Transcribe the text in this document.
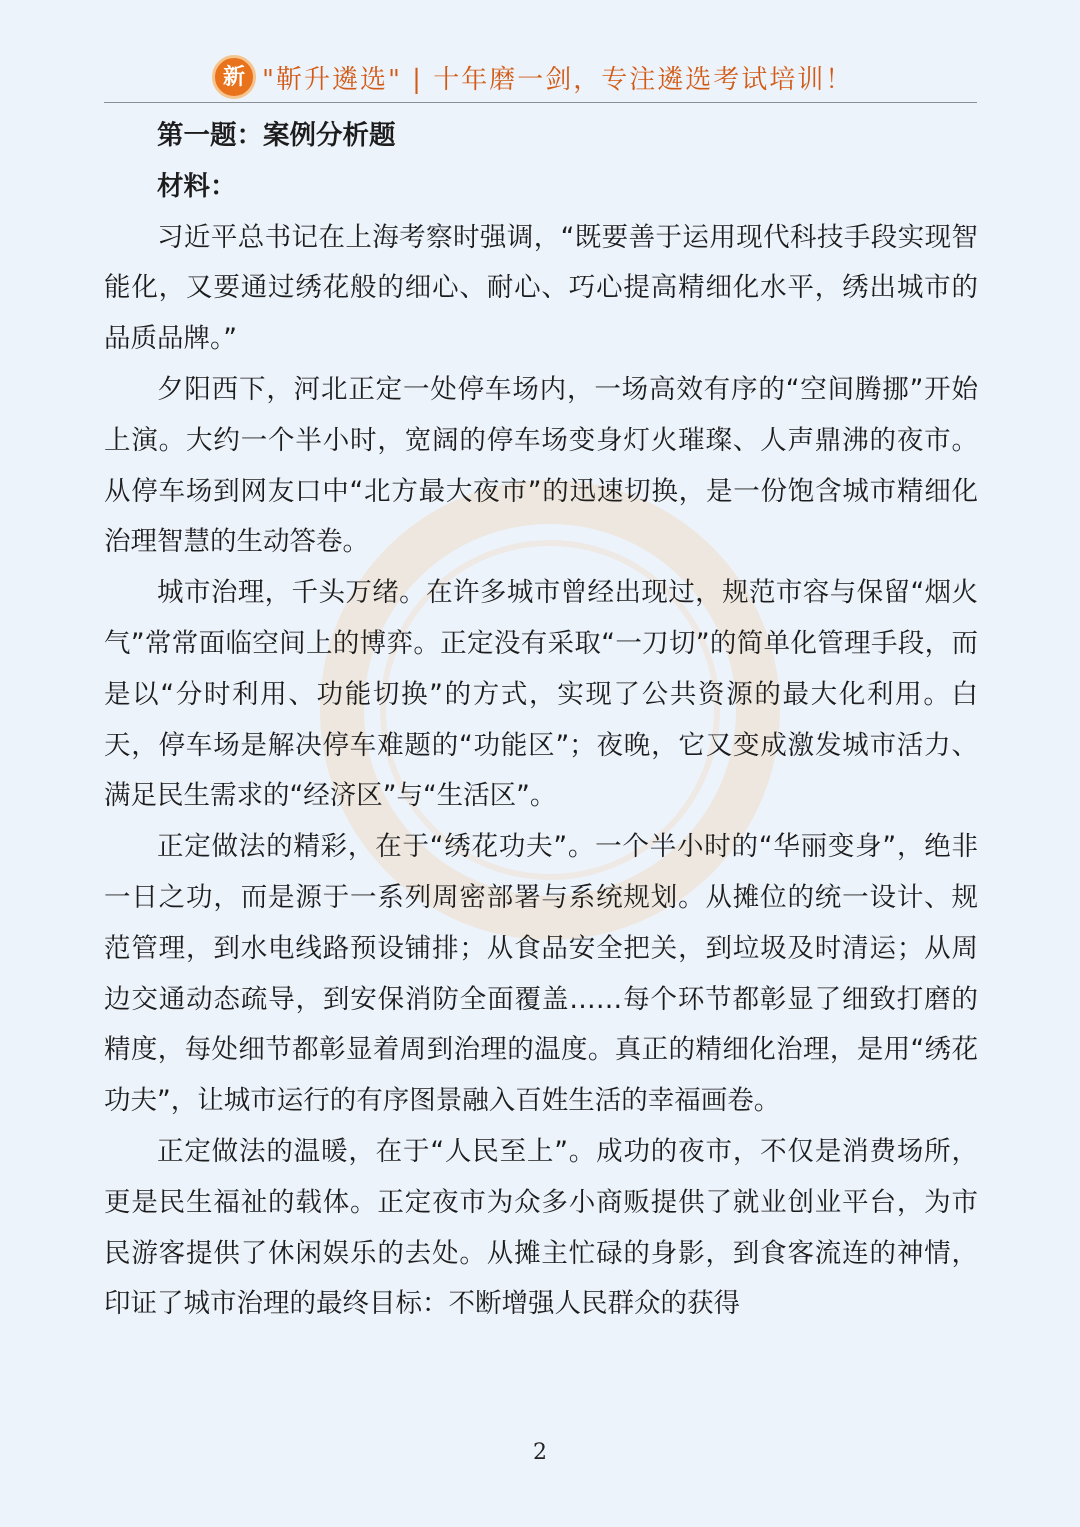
新 "靳升遴选" | 十年磨一剑，专注遴选考试培训！

第一题：案例分析题

材料：

习近平总书记在上海考察时强调，“既要善于运用现代科技手段实现智能化，又要通过绣花般的细心、耐心、巧心提高精细化水平，绣出城市的品质品牌。”

夕阳西下，河北正定一处停车场内，一场高效有序的“空间腾挪”开始上演。大约一个半小时，宽阔的停车场变身灯火璀璨、人声鼎沸的夜市。从停车场到网友口中“北方最大夜市”的迅速切换，是一份饱含城市精细化治理智慧的生动答卷。

城市治理，千头万绪。在许多城市曾经出现过，规范市容与保留“烟火气”常常面临空间上的博弈。正定没有采取“一刀切”的简单化管理手段，而是以“分时利用、功能切换”的方式，实现了公共资源的最大化利用。白天，停车场是解决停车难题的“功能区”；夜晚，它又变成激发城市活力、满足民生需求的“经济区”与“生活区”。

正定做法的精彩，在于“绣花功夫”。一个半小时的“华丽变身”，绝非一日之功，而是源于一系列周密部署与系统规划。从摊位的统一设计、规范管理，到水电线路预设铺排；从食品安全把关，到垃圾及时清运；从周边交通动态疏导，到安保消防全面覆盖……每个环节都彰显了细致打磨的精度，每处细节都彰显着周到治理的温度。真正的精细化治理，是用“绣花功夫”，让城市运行的有序图景融入百姓生活的幸福画卷。

正定做法的温暖，在于“人民至上”。成功的夜市，不仅是消费场所，更是民生福祉的载体。正定夜市为众多小商贩提供了就业创业平台，为市民游客提供了休闲娱乐的去处。从摊主忙碌的身影，到食客流连的神情，印证了城市治理的最终目标：不断增强人民群众的获得

2
